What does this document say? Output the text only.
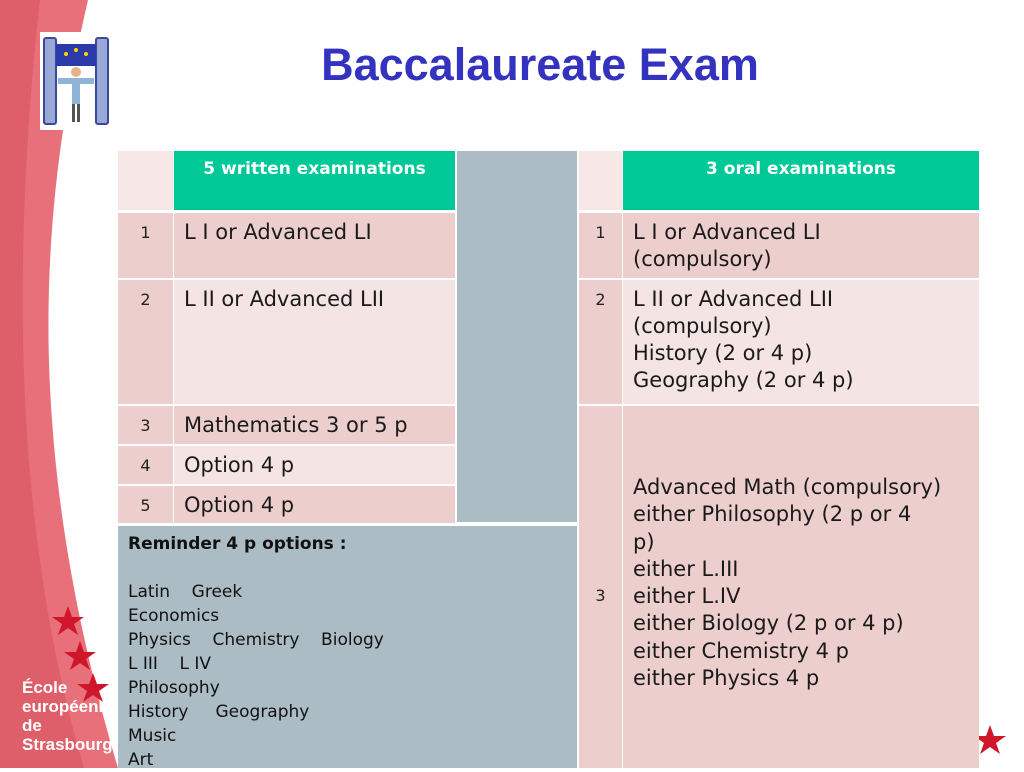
Baccalaureate Exam
École
européenne
de Strasbourg
5 written examinations
1	L I or Advanced LI
2	L II or Advanced LII
3	Mathematics 3 or 5 p
4	Option 4 p
5	Option 4 p
Reminder 4 p options :
Latin    Greek
Economics
Physics    Chemistry    Biology
L III    L IV
Philosophy
History     Geography
Music
Art
3 oral examinations
1	L I or Advanced LI
(compulsory)
2	L II or Advanced LII
(compulsory)
History (2 or 4 p)
Geography (2 or 4 p)
3
Advanced Math (compulsory)
either Philosophy (2 p or 4
p)
either L.III
either L.IV
either Biology (2 p or 4 p)
either Chemistry 4 p
either Physics 4 p
